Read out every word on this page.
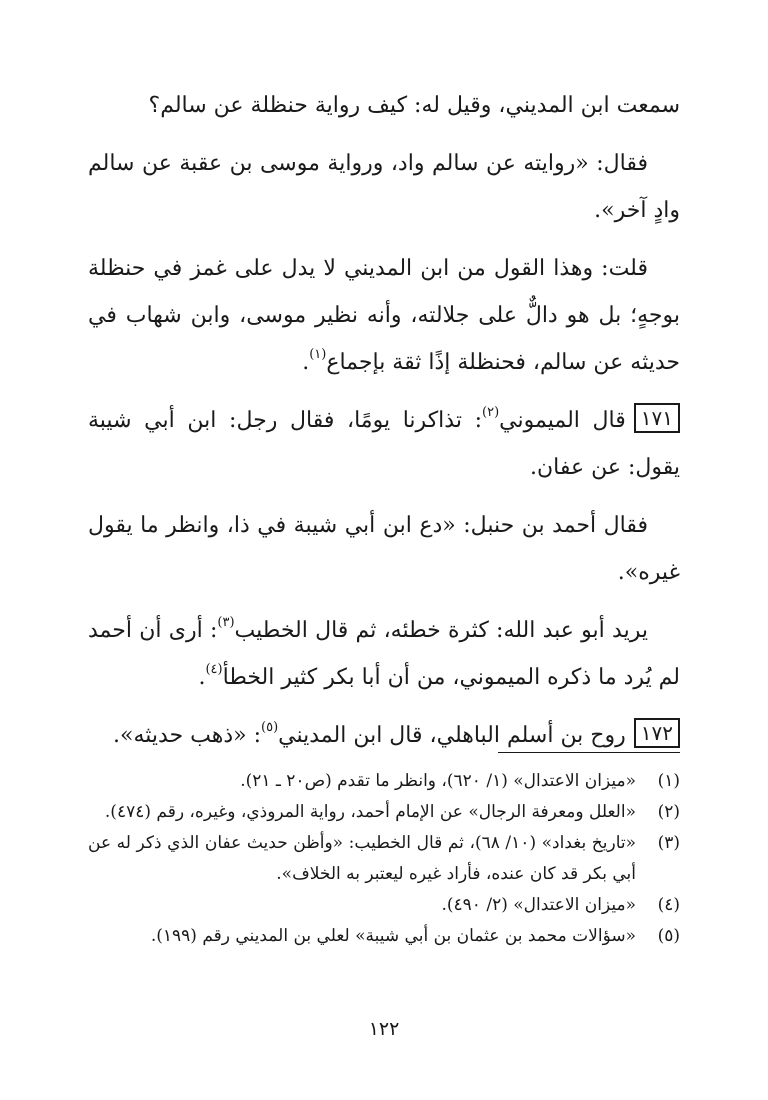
سمعت ابن المديني، وقيل له: كيف رواية حنظلة عن سالم؟

فقال: «روايته عن سالم واد، ورواية موسى بن عقبة عن سالم وادٍ آخر».

قلت: وهذا القول من ابن المديني لا يدل على غمز في حنظلة بوجهٍ؛ بل هو دالٌّ على جلالته، وأنه نظير موسى، وابن شهاب في حديثه عن سالم، فحنظلة إذًا ثقة بإجماع$^{(١)}$.

١٧١قال الميموني$^{(٢)}$: تذاكرنا يومًا، فقال رجل: ابن أبي شيبة يقول: عن عفان.

فقال أحمد بن حنبل: «دع ابن أبي شيبة في ذا، وانظر ما يقول غيره».

يريد أبو عبد الله: كثرة خطئه، ثم قال الخطيب$^{(٣)}$: أرى أن أحمد لم يُرد ما ذكره الميموني، من أن أبا بكر كثير الخطأ$^{(٤)}$.

١٧٢روح بن أسلم الباهلي، قال ابن المديني$^{(٥)}$: «ذهب حديثه».

(١)
«ميزان الاعتدال» (١/ ٦٢٠)، وانظر ما تقدم (ص٢٠ ـ ٢١).
(٢)
«العلل ومعرفة الرجال» عن الإمام أحمد، رواية المروذي، وغيره، رقم (٤٧٤).
(٣)
«تاريخ بغداد» (١٠/ ٦٨)، ثم قال الخطيب: «وأظن حديث عفان الذي ذكر له عن أبي بكر قد كان عنده، فأراد غيره ليعتبر به الخلاف».
(٤)
«ميزان الاعتدال» (٢/ ٤٩٠).
(٥)
«سؤالات محمد بن عثمان بن أبي شيبة» لعلي بن المديني رقم (١٩٩).
١٢٢
